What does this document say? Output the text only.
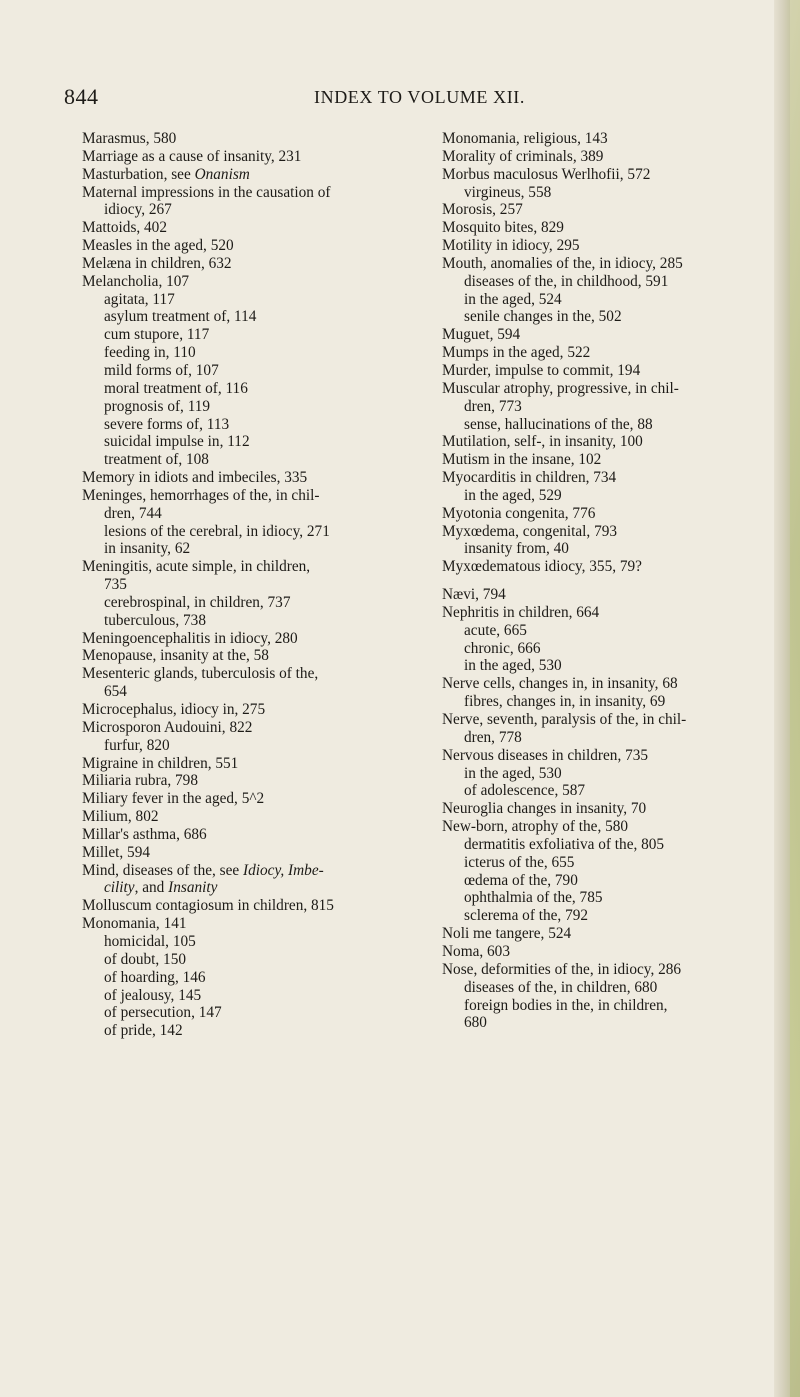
844	INDEX TO VOLUME XII.
Marasmus, 580
Marriage as a cause of insanity, 231
Masturbation, see Onanism
Maternal impressions in the causation of
idiocy, 267
Mattoids, 402
Measles in the aged, 520
Melæna in children, 632
Melancholia, 107
agitata, 117
asylum treatment of, 114
cum stupore, 117
feeding in, 110
mild forms of, 107
moral treatment of, 116
prognosis of, 119
severe forms of, 113
suicidal impulse in, 112
treatment of, 108
Memory in idiots and imbeciles, 335
Meninges, hemorrhages of the, in chil-
dren, 744
lesions of the cerebral, in idiocy, 271
in insanity, 62
Meningitis, acute simple, in children,
735
cerebrospinal, in children, 737
tuberculous, 738
Meningoencephalitis in idiocy, 280
Menopause, insanity at the, 58
Mesenteric glands, tuberculosis of the,
654
Microcephalus, idiocy in, 275
Microsporon Audouini, 822
furfur, 820
Migraine in children, 551
Miliaria rubra, 798
Miliary fever in the aged, 5^2
Milium, 802
Millar's asthma, 686
Millet, 594
Mind, diseases of the, see Idiocy, Imbe-
cility, and Insanity
Molluscum contagiosum in children, 815
Monomania, 141
homicidal, 105
of doubt, 150
of hoarding, 146
of jealousy, 145
of persecution, 147
of pride, 142
Monomania, religious, 143
Morality of criminals, 389
Morbus maculosus Werlhofii, 572
virgineus, 558
Morosis, 257
Mosquito bites, 829
Motility in idiocy, 295
Mouth, anomalies of the, in idiocy, 285
diseases of the, in childhood, 591
in the aged, 524
senile changes in the, 502
Muguet, 594
Mumps in the aged, 522
Murder, impulse to commit, 194
Muscular atrophy, progressive, in chil-
dren, 773
sense, hallucinations of the, 88
Mutilation, self-, in insanity, 100
Mutism in the insane, 102
Myocarditis in children, 734
in the aged, 529
Myotonia congenita, 776
Myxœdema, congenital, 793
insanity from, 40
Myxœdematous idiocy, 355, 79?
Nævi, 794
Nephritis in children, 664
acute, 665
chronic, 666
in the aged, 530
Nerve cells, changes in, in insanity, 68
fibres, changes in, in insanity, 69
Nerve, seventh, paralysis of the, in chil-
dren, 778
Nervous diseases in children, 735
in the aged, 530
of adolescence, 587
Neuroglia changes in insanity, 70
New-born, atrophy of the, 580
dermatitis exfoliativa of the, 805
icterus of the, 655
œdema of the, 790
ophthalmia of the, 785
sclerema of the, 792
Noli me tangere, 524
Noma, 603
Nose, deformities of the, in idiocy, 286
diseases of the, in children, 680
foreign bodies in the, in children,
680
